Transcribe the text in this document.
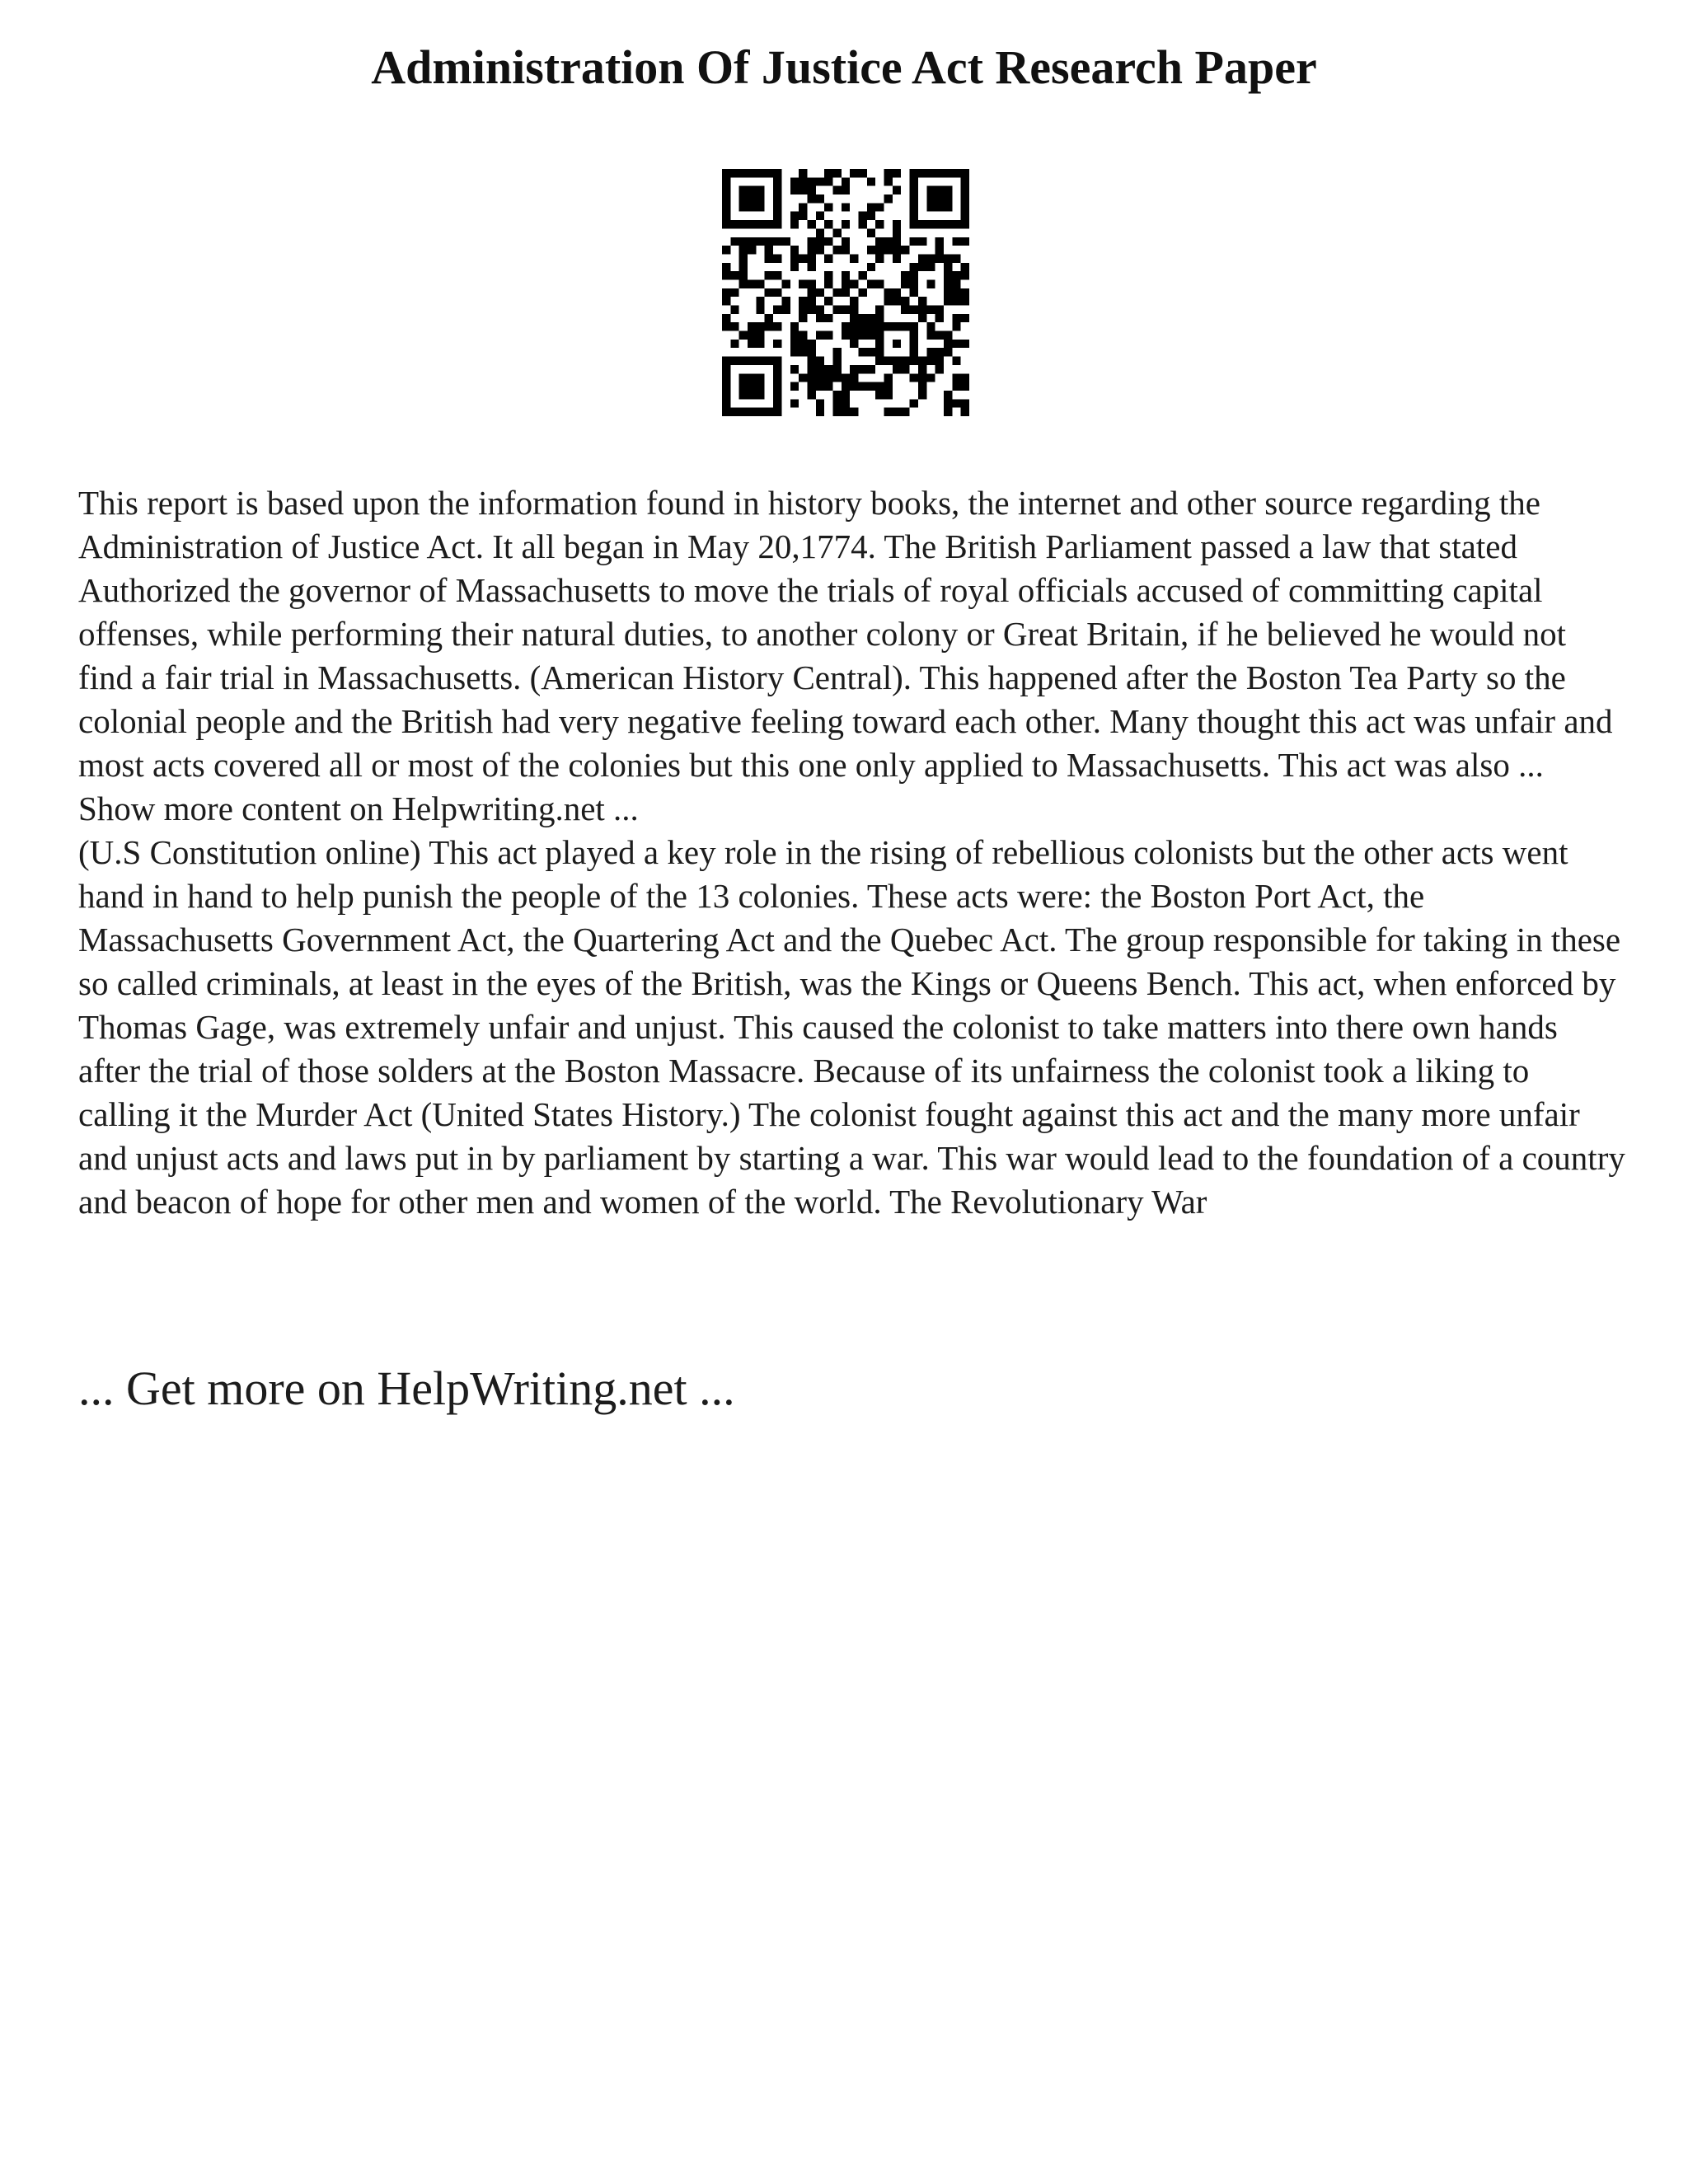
Administration Of Justice Act Research Paper

This report is based upon the information found in history books, the internet and other source regarding the Administration of Justice Act. It all began in May 20,1774. The British Parliament passed a law that stated Authorized the governor of Massachusetts to move the trials of royal officials accused of committing capital offenses, while performing their natural duties, to another colony or Great Britain, if he believed he would not find a fair trial in Massachusetts. (American History Central). This happened after the Boston Tea Party so the colonial people and the British had very negative feeling toward each other. Many thought this act was unfair and most acts covered all or most of the colonies but this one only applied to Massachusetts. This act was also ... Show more content on Helpwriting.net ...

(U.S Constitution online) This act played a key role in the rising of rebellious colonists but the other acts went hand in hand to help punish the people of the 13 colonies. These acts were: the Boston Port Act, the Massachusetts Government Act, the Quartering Act and the Quebec Act. The group responsible for taking in these so called criminals, at least in the eyes of the British, was the Kings or Queens Bench. This act, when enforced by Thomas Gage, was extremely unfair and unjust. This caused the colonist to take matters into there own hands after the trial of those solders at the Boston Massacre. Because of its unfairness the colonist took a liking to calling it the Murder Act (United States History.) The colonist fought against this act and the many more unfair and unjust acts and laws put in by parliament by starting a war. This war would lead to the foundation of a country and beacon of hope for other men and women of the world. The Revolutionary War

... Get more on HelpWriting.net ...
